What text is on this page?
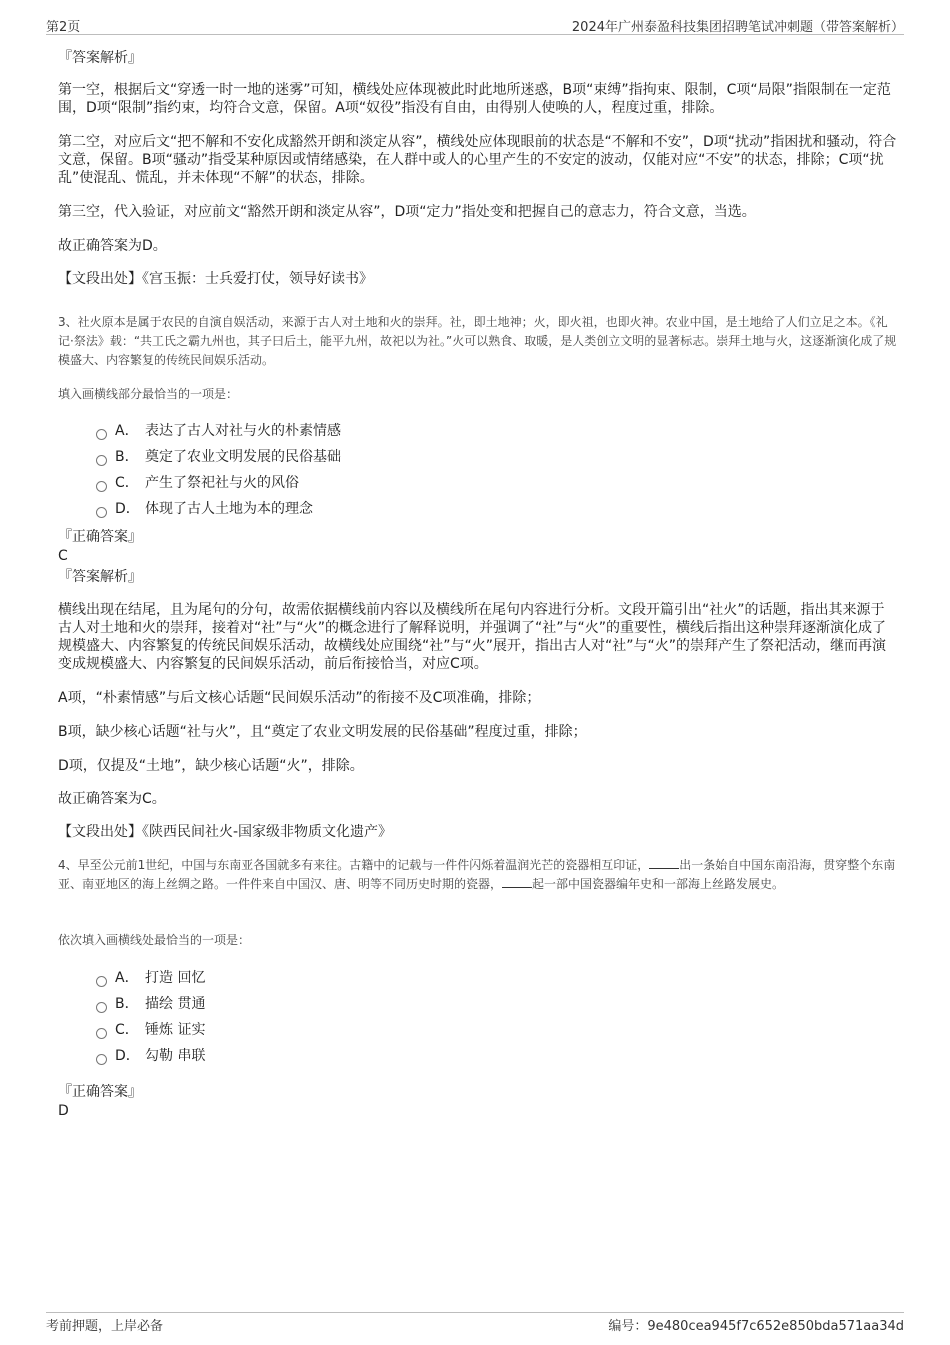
第2页	2024年广州泰盈科技集团招聘笔试冲刺题（带答案解析）
『答案解析』

第一空，根据后文“穿透一时一地的迷雾”可知，横线处应体现被此时此地所迷惑，B项“束缚”指拘束、限制，C项“局限”指限制在一定范围，D项“限制”指约束，均符合文意，保留。A项“奴役”指没有自由，由得别人使唤的人，程度过重，排除。

第二空，对应后文“把不解和不安化成豁然开朗和淡定从容”，横线处应体现眼前的状态是“不解和不安”，D项“扰动”指困扰和骚动，符合文意，保留。B项“骚动”指受某种原因或情绪感染，在人群中或人的心里产生的不安定的波动，仅能对应“不安”的状态，排除；C项“扰乱”使混乱、慌乱，并未体现“不解”的状态，排除。

第三空，代入验证，对应前文“豁然开朗和淡定从容”，D项“定力”指处变和把握自己的意志力，符合文意，当选。

故正确答案为D。

【文段出处】《宫玉振：士兵爱打仗，领导好读书》

3、社火原本是属于农民的自演自娱活动，来源于古人对土地和火的崇拜。社，即土地神；火，即火祖，也即火神。农业中国，是土地给了人们立足之本。《礼记·祭法》载：“共工氏之霸九州也，其子曰后土，能平九州，故祀以为社。”火可以熟食、取暖，是人类创立文明的显著标志。崇拜土地与火，这逐渐演化成了规模盛大、内容繁复的传统民间娱乐活动。

填入画横线部分最恰当的一项是：

A． 表达了古人对社与火的朴素情感
B． 奠定了农业文明发展的民俗基础
C． 产生了祭祀社与火的风俗
D． 体现了古人土地为本的理念
『正确答案』
C
『答案解析』

横线出现在结尾，且为尾句的分句，故需依据横线前内容以及横线所在尾句内容进行分析。文段开篇引出“社火”的话题，指出其来源于古人对土地和火的崇拜，接着对“社”与“火”的概念进行了解释说明，并强调了“社”与“火”的重要性，横线后指出这种崇拜逐渐演化成了规模盛大、内容繁复的传统民间娱乐活动，故横线处应围绕“社”与“火”展开，指出古人对“社”与“火”的崇拜产生了祭祀活动，继而再演变成规模盛大、内容繁复的民间娱乐活动，前后衔接恰当，对应C项。

A项，“朴素情感”与后文核心话题“民间娱乐活动”的衔接不及C项准确，排除；

B项，缺少核心话题“社与火”，且“奠定了农业文明发展的民俗基础”程度过重，排除；

D项，仅提及“土地”，缺少核心话题“火”，排除。

故正确答案为C。

【文段出处】《陕西民间社火-国家级非物质文化遗产》

4、早至公元前1世纪，中国与东南亚各国就多有来往。古籍中的记载与一件件闪烁着温润光芒的瓷器相互印证，	出一条始自中国东南沿海，贯穿整个东南亚、南亚地区的海上丝绸之路。一件件来自中国汉、唐、明等不同历史时期的瓷器，	起一部中国瓷器编年史和一部海上丝路发展史。

依次填入画横线处最恰当的一项是：

A． 打造 回忆
B． 描绘 贯通
C． 锤炼 证实
D． 勾勒 串联
『正确答案』
D
考前押题，上岸必备	编号：9e480cea945f7c652e850bda571aa34d
